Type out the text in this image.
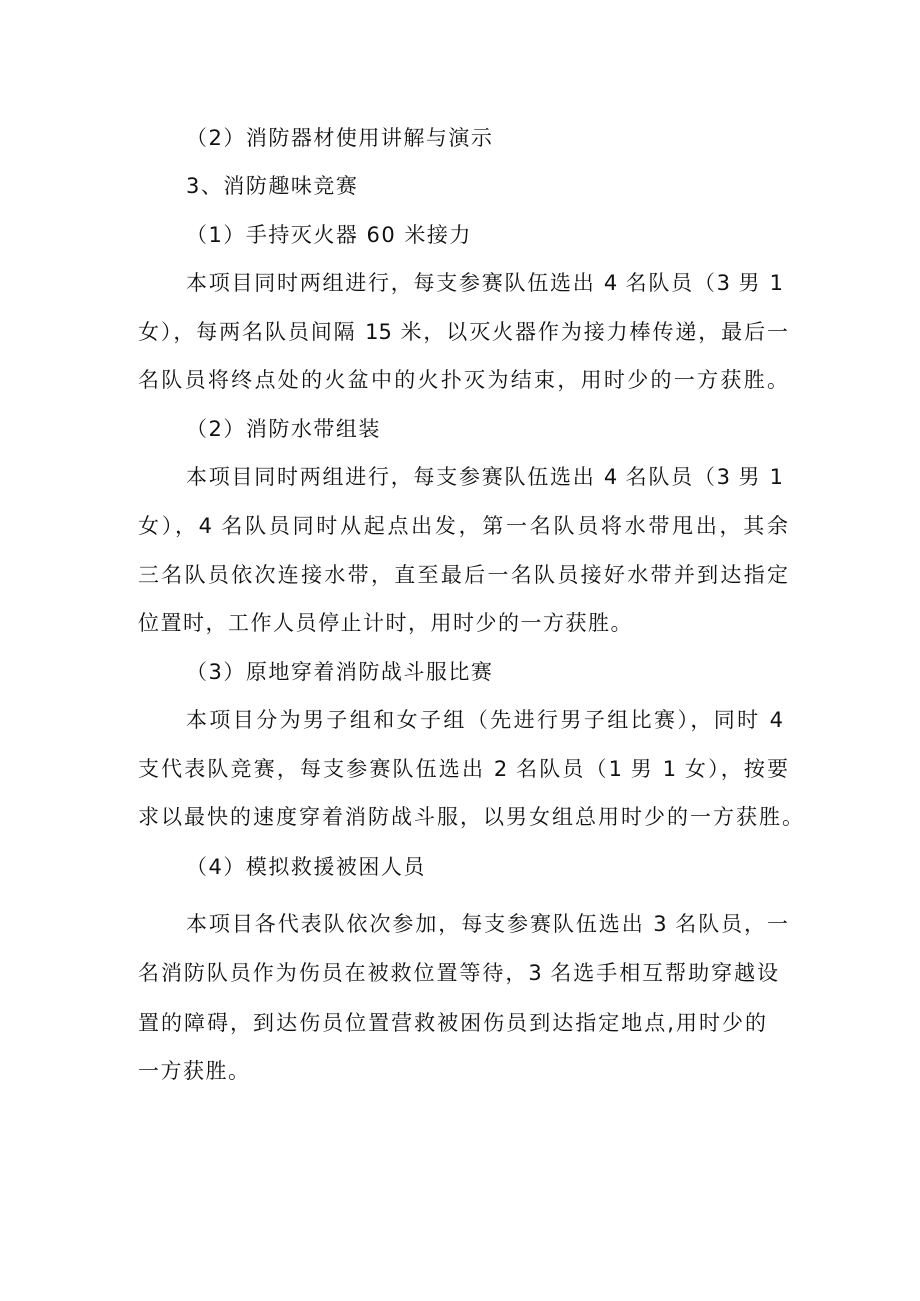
（2）消防器材使用讲解与演示
3、消防趣味竞赛
（1）手持灭火器 60 米接力
本项目同时两组进行，每支参赛队伍选出 4 名队员（3 男 1
女），每两名队员间隔 15 米，以灭火器作为接力棒传递，最后一
名队员将终点处的火盆中的火扑灭为结束，用时少的一方获胜。
（2）消防水带组装
本项目同时两组进行，每支参赛队伍选出 4 名队员（3 男 1
女），4 名队员同时从起点出发，第一名队员将水带甩出，其余
三名队员依次连接水带，直至最后一名队员接好水带并到达指定
位置时，工作人员停止计时，用时少的一方获胜。
（3）原地穿着消防战斗服比赛
本项目分为男子组和女子组（先进行男子组比赛），同时 4
支代表队竞赛，每支参赛队伍选出 2 名队员（1 男 1 女），按要
求以最快的速度穿着消防战斗服，以男女组总用时少的一方获胜。
（4）模拟救援被困人员
本项目各代表队依次参加，每支参赛队伍选出 3 名队员，一
名消防队员作为伤员在被救位置等待，3 名选手相互帮助穿越设
置的障碍，到达伤员位置营救被困伤员到达指定地点,用时少的
一方获胜。
